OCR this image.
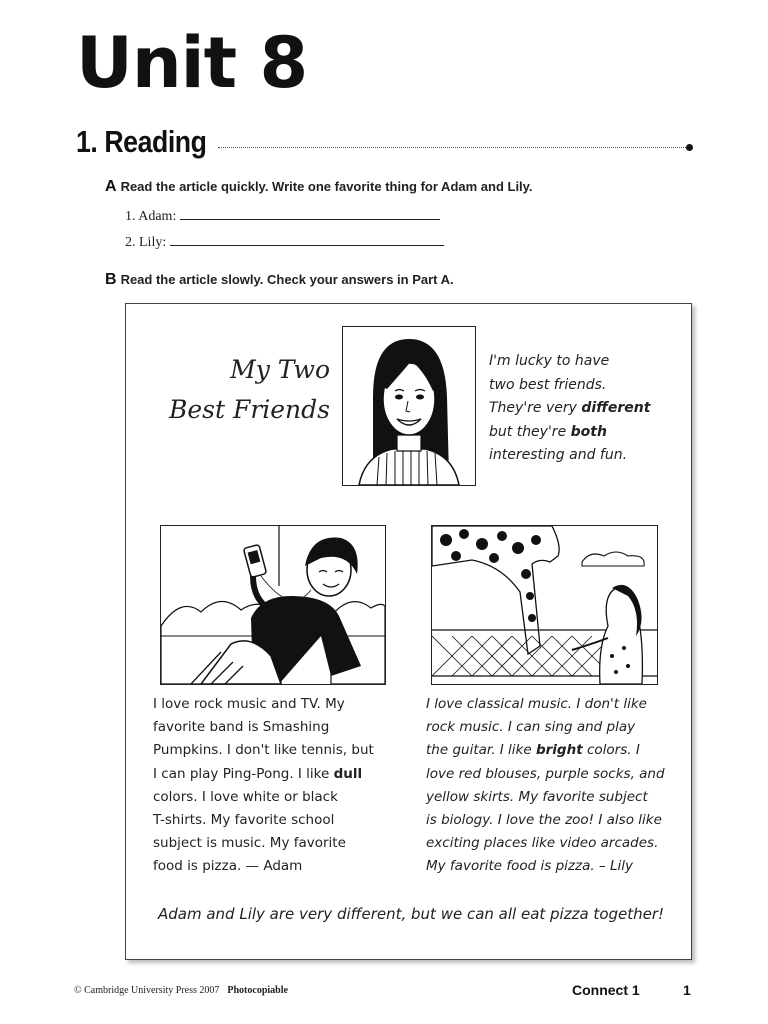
Unit 8
1. Reading
A Read the article quickly. Write one favorite thing for Adam and Lily.
1. Adam:
2. Lily:
B Read the article slowly. Check your answers in Part A.
My Two
Best Friends
I'm lucky to have
two best friends.
They're very different
but they're both
interesting and fun.
I love rock music and TV. My
favorite band is Smashing
Pumpkins. I don't like tennis, but
I can play Ping-Pong. I like dull
colors. I love white or black
T-shirts. My favorite school
subject is music. My favorite
food is pizza. — Adam
I love classical music. I don't like
rock music. I can sing and play
the guitar. I like bright colors. I
love red blouses, purple socks, and
yellow skirts. My favorite subject
is biology. I love the zoo! I also like
exciting places like video arcades.
My favorite food is pizza. – Lily
Adam and Lily are very different, but we can all eat pizza together!
© Cambridge University Press 2007 Photocopiable	Connect 1	1
